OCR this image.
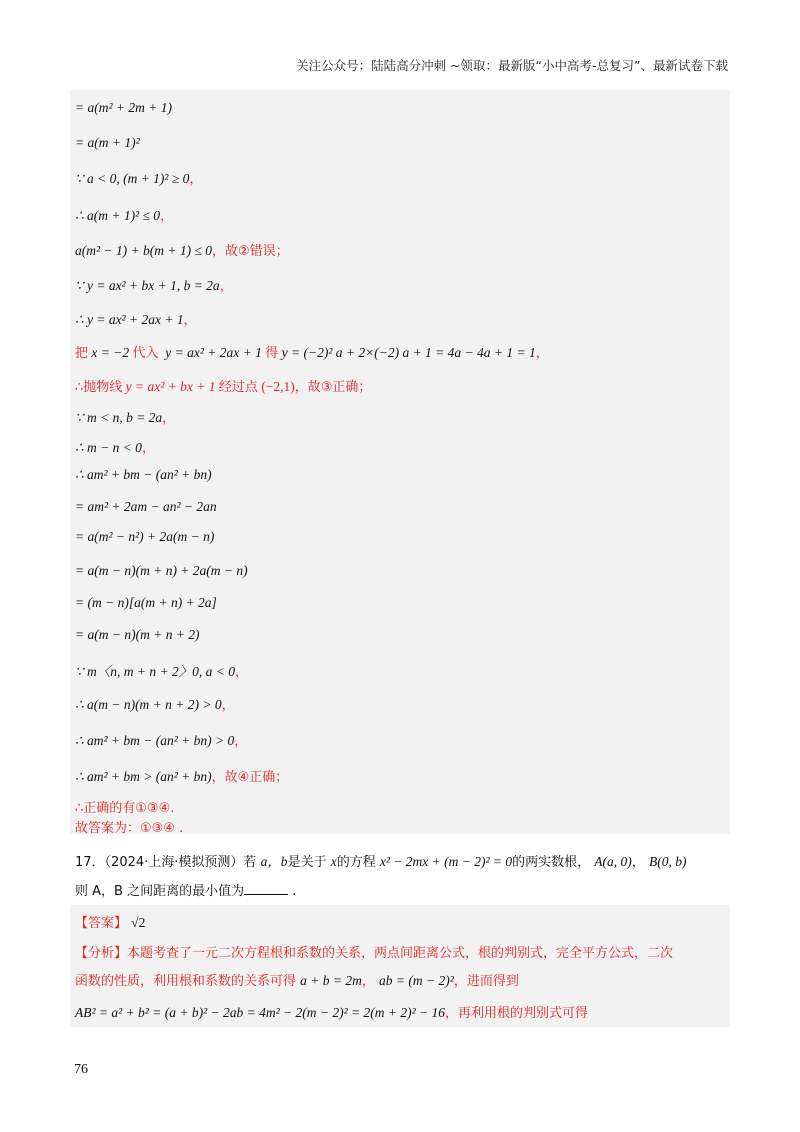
关注公众号：陆陆高分冲刺 ~领取：最新版“小中高考-总复习”、最新试卷下载
= a(m² + 2m + 1)
= a(m + 1)²
∵ a < 0, (m + 1)² ≥ 0，
∴ a(m + 1)² ≤ 0，
a(m² − 1) + b(m + 1) ≤ 0，故②错误；
∵ y = ax² + bx + 1, b = 2a，
∴ y = ax² + 2ax + 1，
把 x = −2 代入 y = ax² + 2ax + 1 得 y = (−2)² a + 2×(−2) a + 1 = 4a − 4a + 1 = 1，
∴抛物线 y = ax² + bx + 1 经过点 (−2,1)，故③正确；
∵ m < n, b = 2a，
∴ m − n < 0，
∴ am² + bm − (an² + bn)
= am² + 2am − an² − 2an
= a(m² − n²) + 2a(m − n)
= a(m − n)(m + n) + 2a(m − n)
= (m − n)[a(m + n) + 2a]
= a(m − n)(m + n + 2)
∵ m〈n, m + n + 2〉0, a < 0，
∴ a(m − n)(m + n + 2) > 0，
∴ am² + bm − (an² + bn) > 0，
∴ am² + bm > (an² + bn)，故④正确；
∴正确的有①③④.
故答案为：①③④ .
17．（2024·上海·模拟预测）若 a，b是关于 x的方程 x² − 2mx + (m − 2)² = 0的两实数根， A(a, 0)， B(0, b)
则 A，B 之间距离的最小值为	.
【答案】 √2
【分析】本题考查了一元二次方程根和系数的关系，两点间距离公式，根的判别式，完全平方公式，二次
函数的性质，利用根和系数的关系可得 a + b = 2m， ab = (m − 2)²，进而得到
AB² = a² + b² = (a + b)² − 2ab = 4m² − 2(m − 2)² = 2(m + 2)² − 16，再利用根的判别式可得
76
